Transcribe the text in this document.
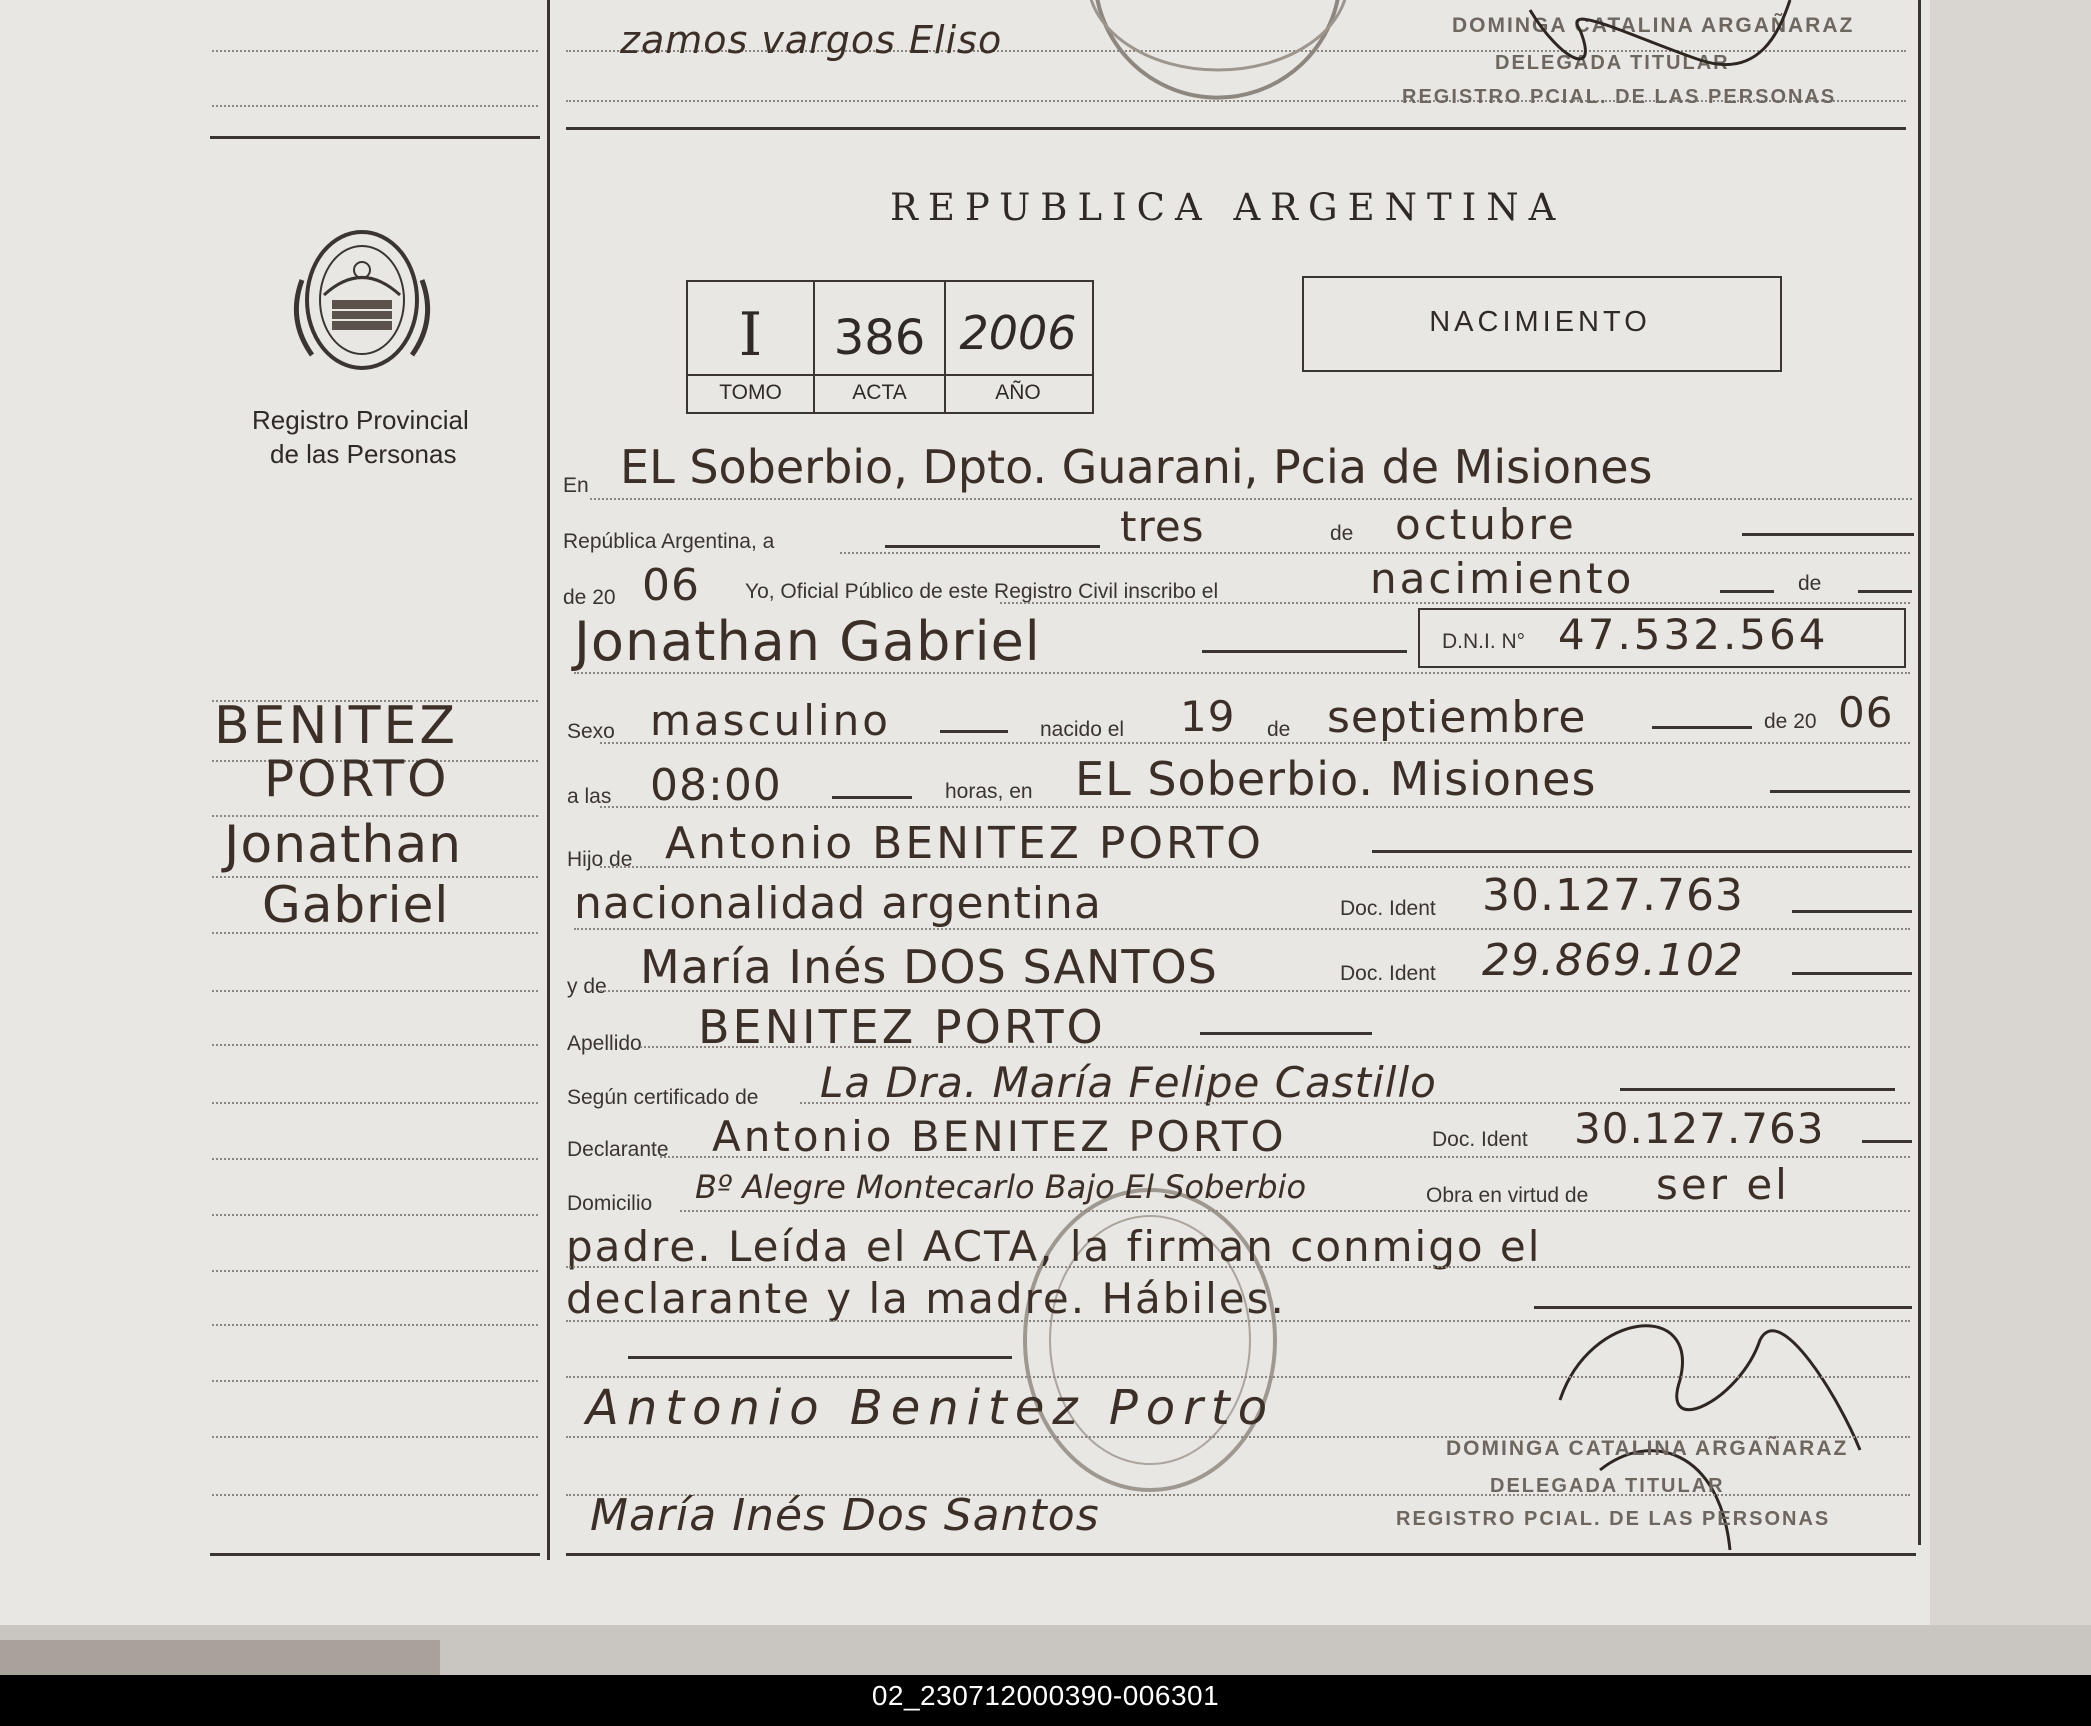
02_230712000390-006301
zamos vargos Eliso	DOMINGA CATALINA ARGAÑARAZ
DELEGADA TITULAR
REGISTRO PCIAL. DE LAS PERSONAS
Registro Provincial
de las Personas
BENITEZ
PORTO
Jonathan
Gabriel
REPUBLICA ARGENTINA
I	386 2006
TOMO	ACTA	AÑO
NACIMIENTO
En EL Soberbio, Dpto. Guarani, Pcia de Misiones
República Argentina, a	tres	de octubre
de 20 06 Yo, Oficial Público de este Registro Civil inscribo el	nacimiento	de
Jonathan Gabriel	D.N.I. N° 47.532.564
Sexo masculino	nacido el 19 de septiembre	de 20 06
a las 08:00	horas, en EL Soberbio. Misiones
Hijo de Antonio BENITEZ PORTO
nacionalidad argentina	Doc. Ident 30.127.763
y de María Inés DOS SANTOS	Doc. Ident 29.869.102
Apellido BENITEZ PORTO
Según certificado de La Dra. María Felipe Castillo
Declarante Antonio BENITEZ PORTO	Doc. Ident 30.127.763
Domicilio Bº Alegre Montecarlo Bajo El Soberbio	Obra en virtud de ser el
padre. Leída el ACTA, la firman conmigo el
declarante y la madre. Hábiles.
Antonio Benitez Porto
María Inés Dos Santos
DOMINGA CATALINA ARGAÑARAZ
DELEGADA TITULAR
REGISTRO PCIAL. DE LAS PERSONAS
